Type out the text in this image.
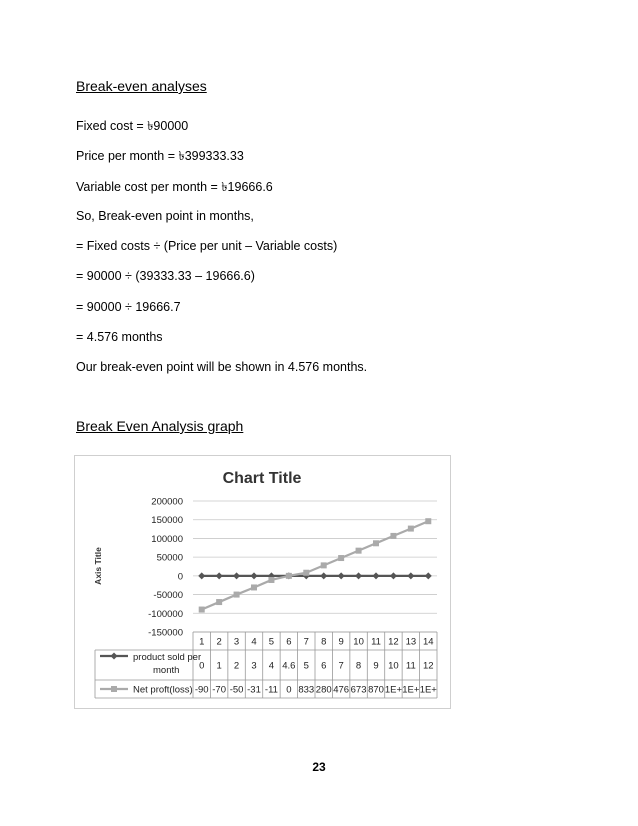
Break-even analyses
Fixed cost = ৳90000
Price per month = ৳399333.33
Variable cost per month = ৳19666.6
So, Break-even point in months,
= Fixed costs ÷ (Price per unit – Variable costs)
= 90000 ÷ (39333.33 – 19666.6)
= 90000 ÷ 19666.7
= 4.576 months
Our break-even point will be shown in 4.576 months.
Break Even Analysis graph
Chart Title
Axis Title
200000
150000
100000
50000
0
-50000
-100000
-150000
1 2 3 4 5 6 7 8 9 10 11 12 13 14
product sold per
month 0 1 2 3 4 4.6 5 6 7 8 9 10 11 12
Net proft(loss) -90 -70 -50 -31 -11 0 833 280 476 673 870 1E+ 1E+ 1E+
23
